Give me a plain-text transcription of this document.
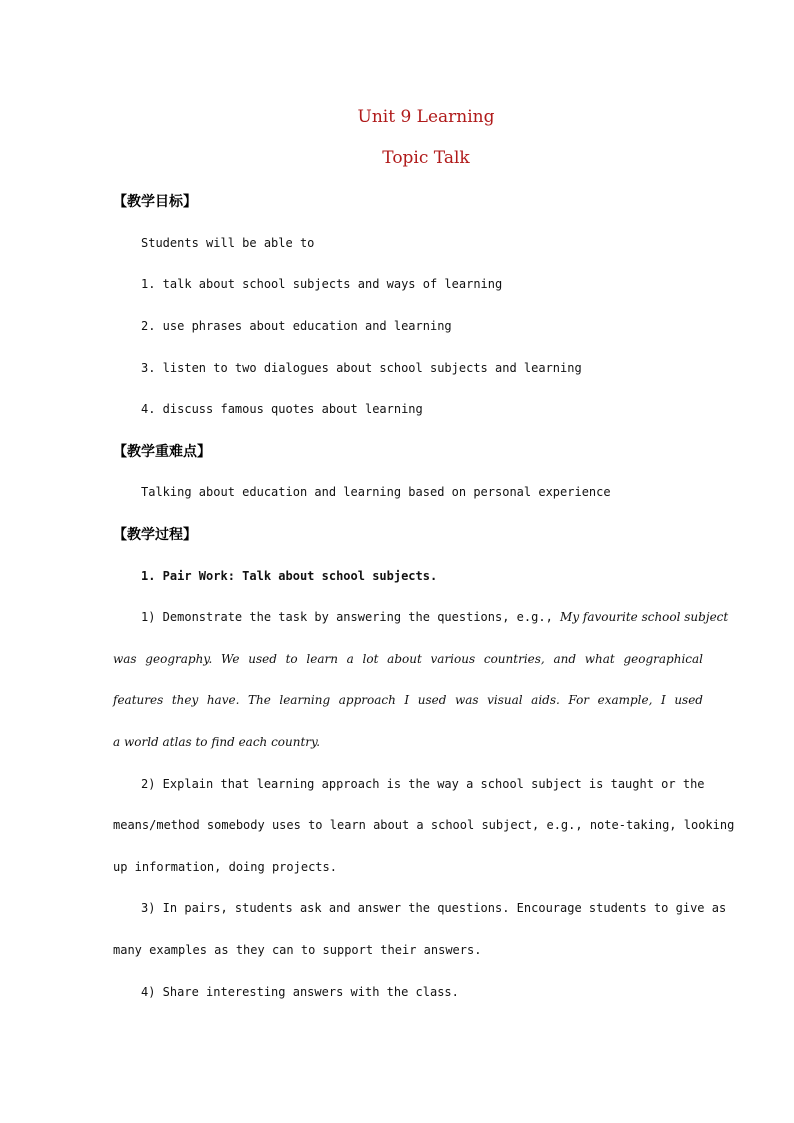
Unit 9 Learning
Topic Talk
【教学目标】
Students will be able to
1. talk about school subjects and ways of learning
2. use phrases about education and learning
3. listen to two dialogues about school subjects and learning
4. discuss famous quotes about learning
【教学重难点】
Talking about education and learning based on personal experience
【教学过程】
1. Pair Work: Talk about school subjects.
1) Demonstrate the task by answering the questions, e.g., My favourite school subject
was geography. We used to learn a lot about various countries, and what geographical
features they have. The learning approach I used was visual aids. For example, I used
a world atlas to find each country.
2) Explain that learning approach is the way a school subject is taught or the
means/method somebody uses to learn about a school subject, e.g., note-taking, looking
up information, doing projects.
3) In pairs, students ask and answer the questions. Encourage students to give as
many examples as they can to support their answers.
4) Share interesting answers with the class.
